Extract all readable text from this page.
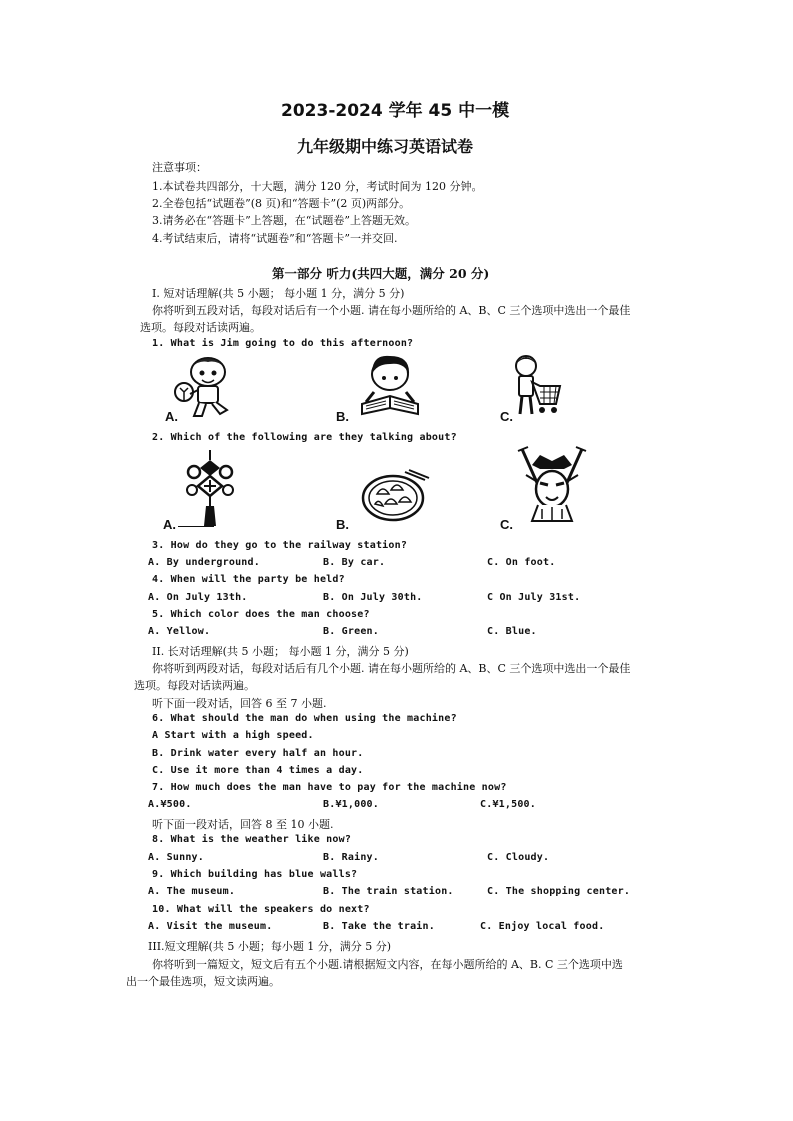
2023-2024 学年 45 中一模
九年级期中练习英语试卷
注意事项：
1.本试卷共四部分，十大题，满分 120 分，考试时间为 120 分钟。
2.全卷包括“试题卷”(8 页)和“答题卡”(2 页)两部分。
3.请务必在“答题卡”上答题，在“试题卷”上答题无效。
4.考试结束后，请将“试题卷”和“答题卡”一并交回.
第一部分 听力(共四大题，满分 20 分)
I. 短对话理解(共 5 小题； 每小题 1 分，满分 5 分)
你将听到五段对话，每段对话后有一个小题. 请在每小题所给的 A、B、C 三个选项中选出一个最佳
选项。每段对话读两遍。
1. What is Jim going to do this afternoon?
A.	B.	C.
2. Which of the following are they talking about?
A.	B.	C.
3. How do they go to the railway station?
A. By underground.	B. By car.	C. On foot.
4. When will the party be held?
A. On July 13th.	B. On July 30th.	C On July 31st.
5. Which color does the man choose?
A. Yellow.	B. Green.	C. Blue.
II. 长对话理解(共 5 小题； 每小题 1 分，满分 5 分)
你将听到两段对话，每段对话后有几个小题. 请在每小题所给的 A、B、C 三个选项中选出一个最佳
选项。每段对话读两遍。
听下面一段对话，回答 6 至 7 小题.
6. What should the man do when using the machine?
A Start with a high speed.
B. Drink water every half an hour.
C. Use it more than 4 times a day.
7. How much does the man have to pay for the machine now?
A.¥500.	B.¥1,000.	C.¥1,500.
听下面一段对话，回答 8 至 10 小题.
8. What is the weather like now?
A. Sunny.	B. Rainy.	C. Cloudy.
9. Which building has blue walls?
A. The museum.	B. The train station.	C. The shopping center.
10. What will the speakers do next?
A. Visit the museum.	B. Take the train.	C. Enjoy local food.
III.短文理解(共 5 小题；每小题 1 分，满分 5 分)
你将听到一篇短文，短文后有五个小题.请根据短文内容，在每小题所给的 A、B. C 三个选项中选
出一个最佳选项，短文读两遍。
